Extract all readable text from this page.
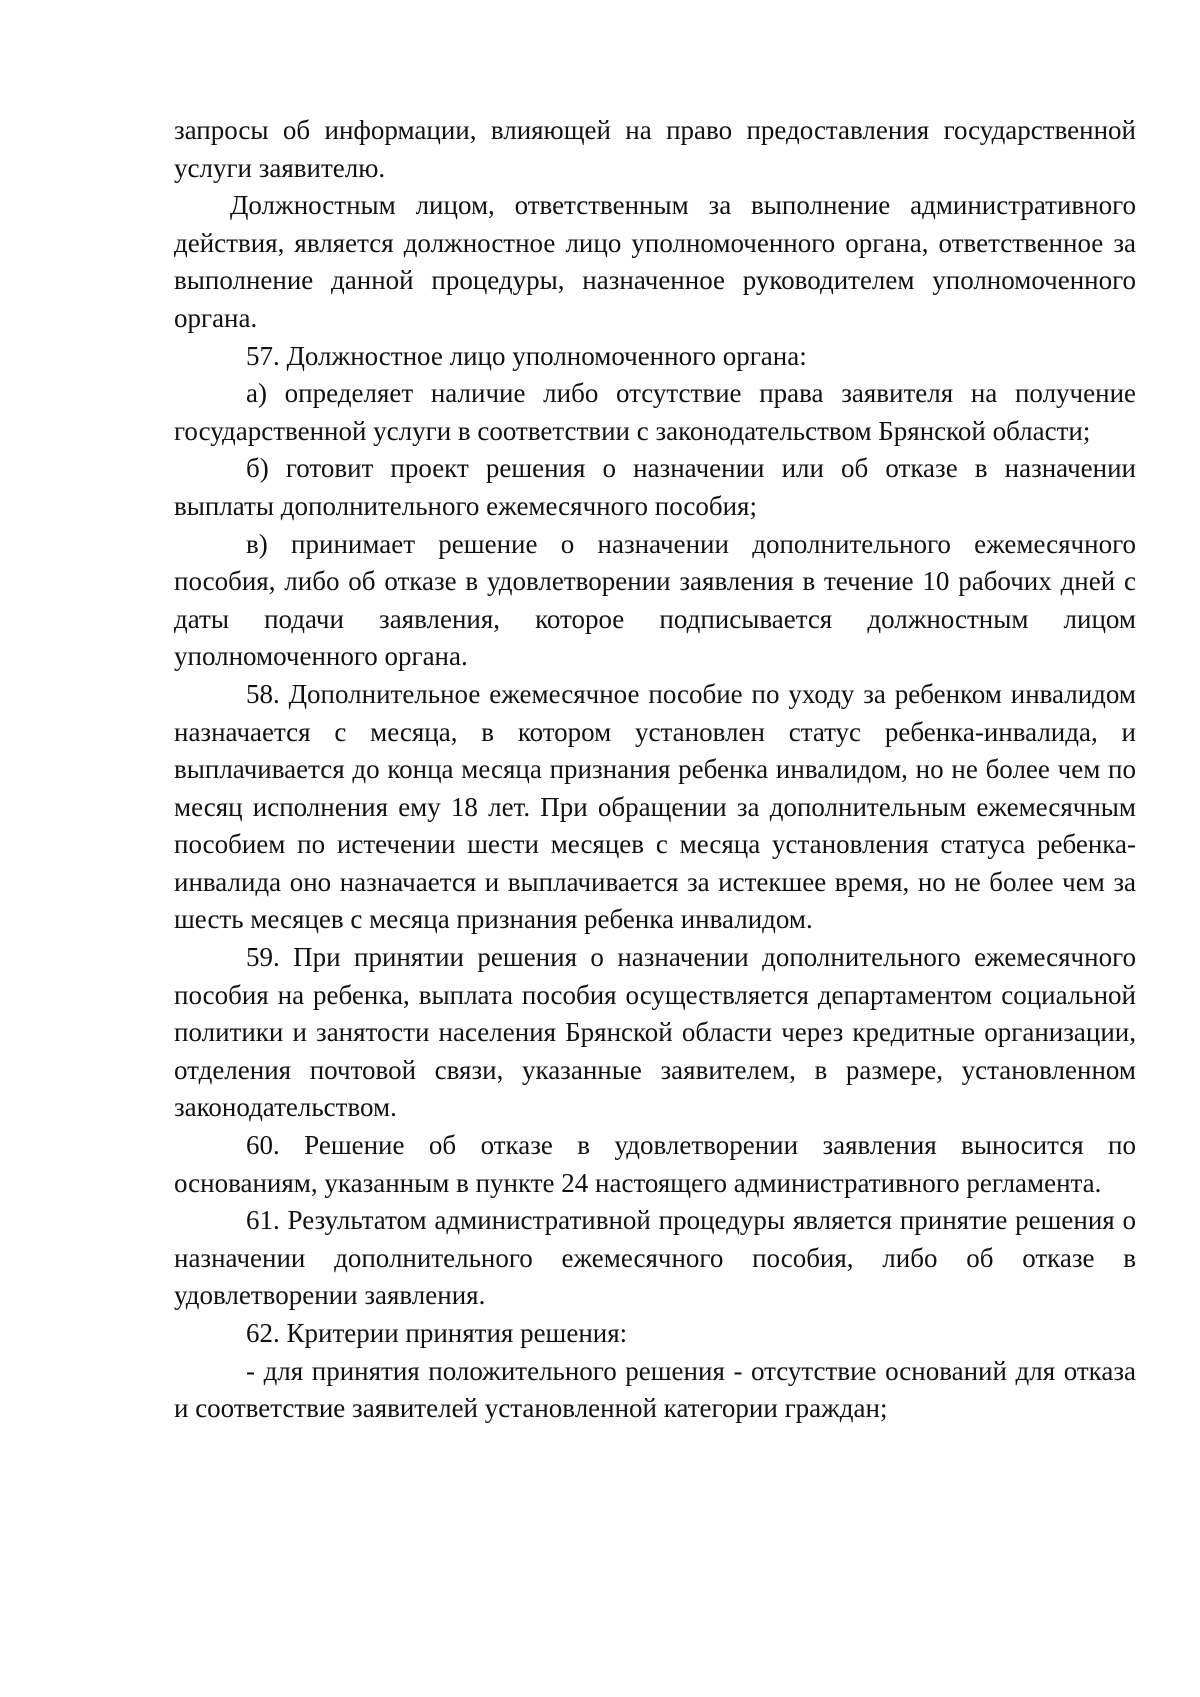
запросы об информации, влияющей на право предоставления государственной услуги заявителю.

Должностным лицом, ответственным за выполнение административного действия, является должностное лицо уполномоченного органа, ответственное за выполнение данной процедуры, назначенное руководителем уполномоченного органа.

57. Должностное лицо уполномоченного органа:

а) определяет наличие либо отсутствие права заявителя на получение государственной услуги в соответствии с законодательством Брянской области;

б) готовит проект решения о назначении или об отказе в назначении выплаты дополнительного ежемесячного пособия;

в) принимает решение о назначении дополнительного ежемесячного пособия, либо об отказе в удовлетворении заявления в течение 10 рабочих дней с даты подачи заявления, которое подписывается должностным лицом уполномоченного органа.

58. Дополнительное ежемесячное пособие по уходу за ребенком инвалидом назначается с месяца, в котором установлен статус ребенка-инвалида, и выплачивается до конца месяца признания ребенка инвалидом, но не более чем по месяц исполнения ему 18 лет. При обращении за дополнительным ежемесячным пособием по истечении шести месяцев с месяца установления статуса ребенка-инвалида оно назначается и выплачивается за истекшее время, но не более чем за шесть месяцев с месяца признания ребенка инвалидом.

59. При принятии решения о назначении дополнительного ежемесячного пособия на ребенка, выплата пособия осуществляется департаментом социальной политики и занятости населения Брянской области через кредитные организации, отделения почтовой связи, указанные заявителем, в размере, установленном законодательством.

60. Решение об отказе в удовлетворении заявления выносится по основаниям, указанным в пункте 24 настоящего административного регламента.

61. Результатом административной процедуры является принятие решения о назначении дополнительного ежемесячного пособия, либо об отказе в удовлетворении заявления.

62. Критерии принятия решения:

- для принятия положительного решения - отсутствие оснований для отказа и соответствие заявителей установленной категории граждан;
